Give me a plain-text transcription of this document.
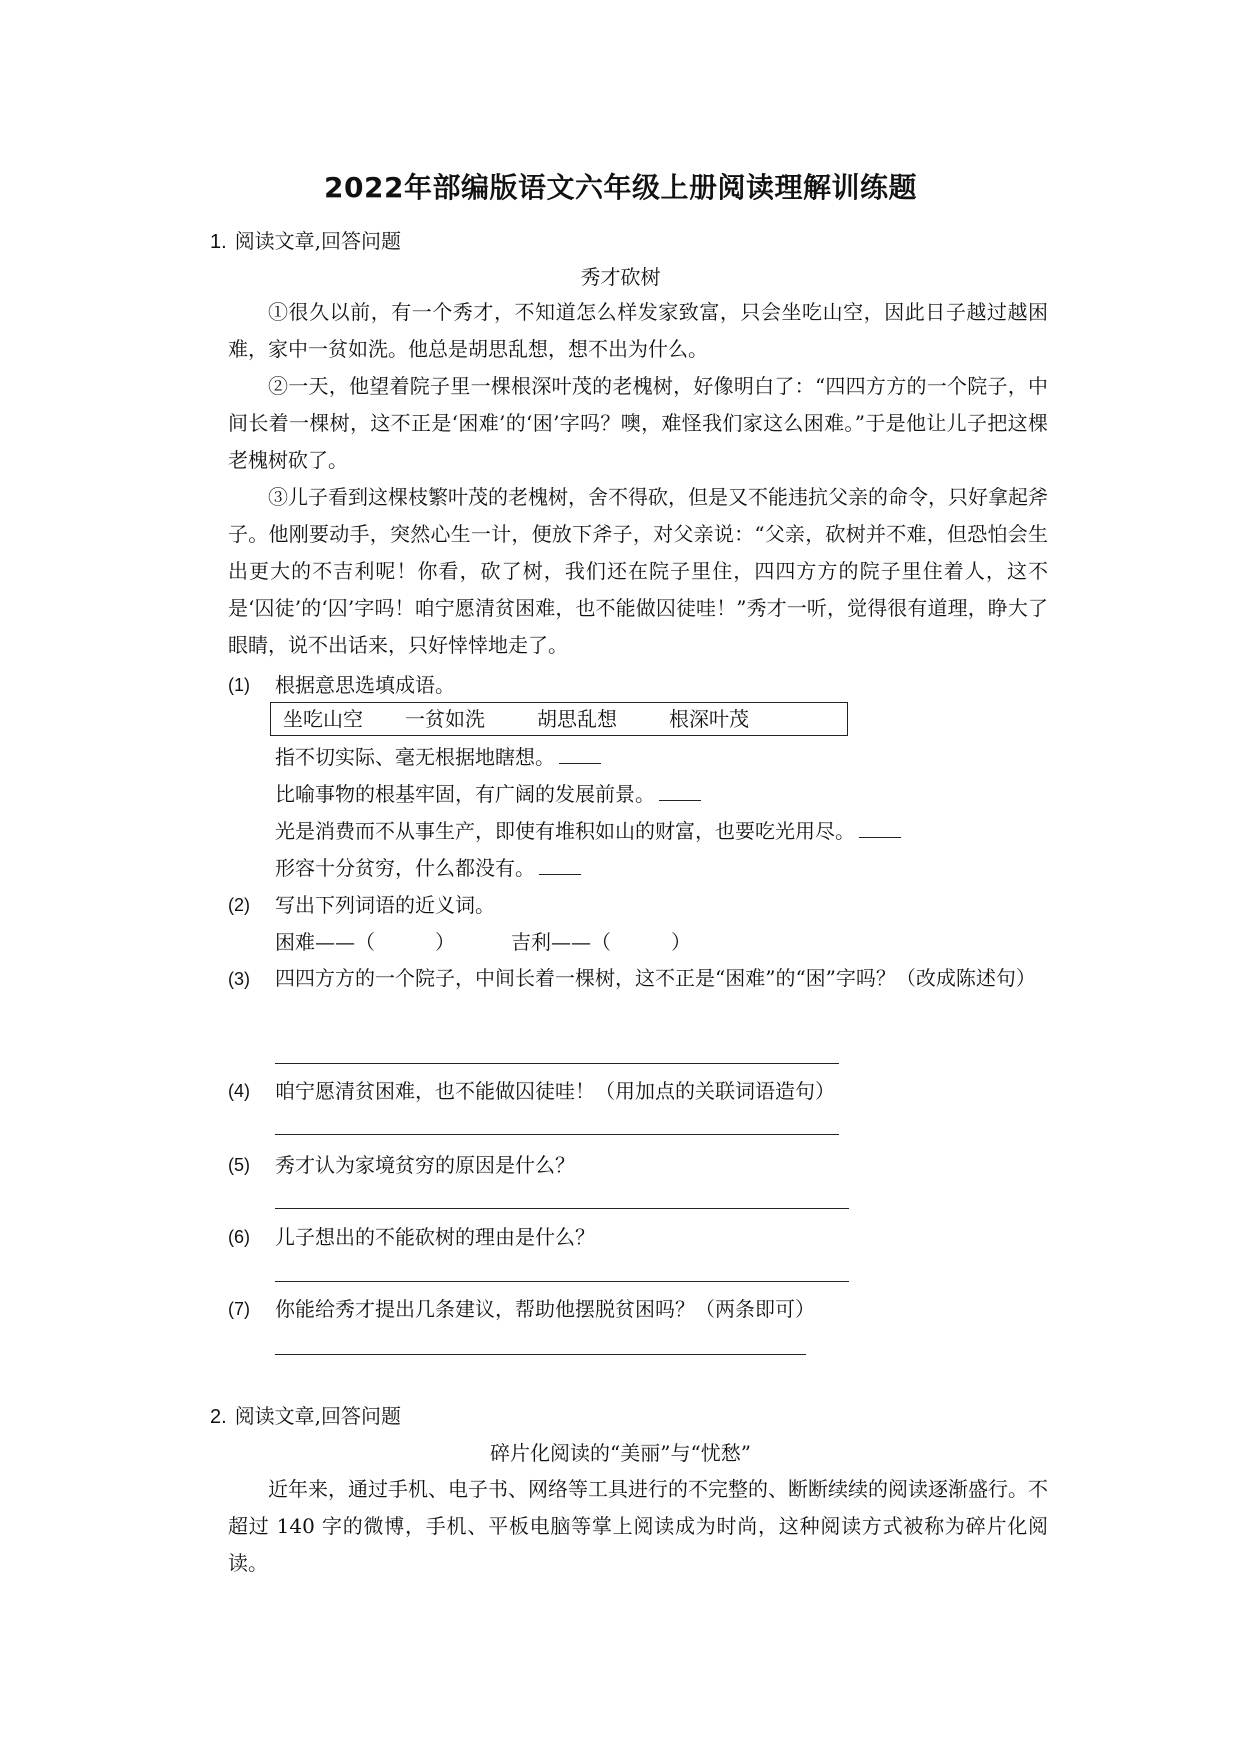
2022年部编版语文六年级上册阅读理解训练题
1. 阅读文章,回答问题
秀才砍树
①很久以前，有一个秀才，不知道怎么样发家致富，只会坐吃山空，因此日子越过越困难，家中一贫如洗。他总是胡思乱想，想不出为什么。
②一天，他望着院子里一棵根深叶茂的老槐树，好像明白了：“四四方方的一个院子，中间长着一棵树，这不正是‘困难’的‘困’字吗？噢，难怪我们家这么困难。”于是他让儿子把这棵老槐树砍了。
③儿子看到这棵枝繁叶茂的老槐树，舍不得砍，但是又不能违抗父亲的命令，只好拿起斧子。他刚要动手，突然心生一计，便放下斧子，对父亲说：“父亲，砍树并不难，但恐怕会生出更大的不吉利呢！你看，砍了树，我们还在院子里住，四四方方的院子里住着人，这不是‘囚徒’的‘囚’字吗！咱宁愿清贫困难，也不能做囚徒哇！”秀才一听，觉得很有道理，睁大了眼睛，说不出话来，只好悻悻地走了。
(1) 根据意思选填成语。
坐吃山空	一贫如洗	胡思乱想	根深叶茂
指不切实际、毫无根据地瞎想。
比喻事物的根基牢固，有广阔的发展前景。
光是消费而不从事生产，即使有堆积如山的财富，也要吃光用尽。
形容十分贫穷，什么都没有。
(2) 写出下列词语的近义词。
困难——（	）	吉利——（	）
(3) 四四方方的一个院子，中间长着一棵树，这不正是“困难”的“困”字吗？（改成陈述句）
(4) 咱宁愿清贫困难，也不能做囚徒哇！（用加点的关联词语造句）
(5) 秀才认为家境贫穷的原因是什么？
(6) 儿子想出的不能砍树的理由是什么？
(7) 你能给秀才提出几条建议，帮助他摆脱贫困吗？（两条即可）
2. 阅读文章,回答问题
碎片化阅读的“美丽”与“忧愁”
近年来，通过手机、电子书、网络等工具进行的不完整的、断断续续的阅读逐渐盛行。不超过 140 字的微博，手机、平板电脑等掌上阅读成为时尚，这种阅读方式被称为碎片化阅读。
